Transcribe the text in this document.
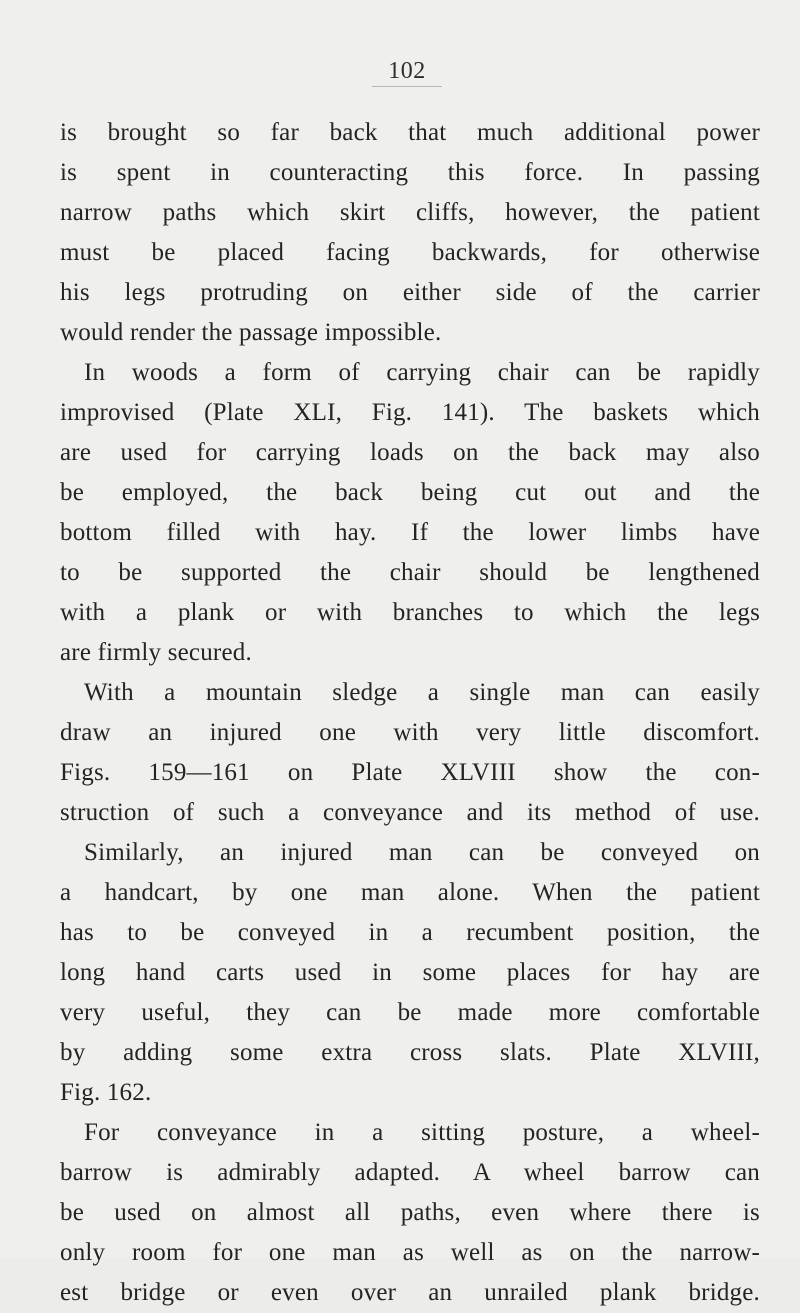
102
is brought so far back that much additional power
is spent in counteracting this force. In passing
narrow paths which skirt cliffs, however, the patient
must be placed facing backwards, for otherwise
his legs protruding on either side of the carrier
would render the passage impossible.
In woods a form of carrying chair can be rapidly
improvised (Plate XLI, Fig. 141). The baskets which
are used for carrying loads on the back may also
be employed, the back being cut out and the
bottom filled with hay. If the lower limbs have
to be supported the chair should be lengthened
with a plank or with branches to which the legs
are firmly secured.
With a mountain sledge a single man can easily
draw an injured one with very little discomfort.
Figs. 159—161 on Plate XLVIII show the con-
struction of such a conveyance and its method of use.
Similarly, an injured man can be conveyed on
a handcart, by one man alone. When the patient
has to be conveyed in a recumbent position, the
long hand carts used in some places for hay are
very useful, they can be made more comfortable
by adding some extra cross slats. Plate XLVIII,
Fig. 162.
For conveyance in a sitting posture, a wheel-
barrow is admirably adapted. A wheel barrow can
be used on almost all paths, even where there is
only room for one man as well as on the narrow-
est bridge or even over an unrailed plank bridge.
